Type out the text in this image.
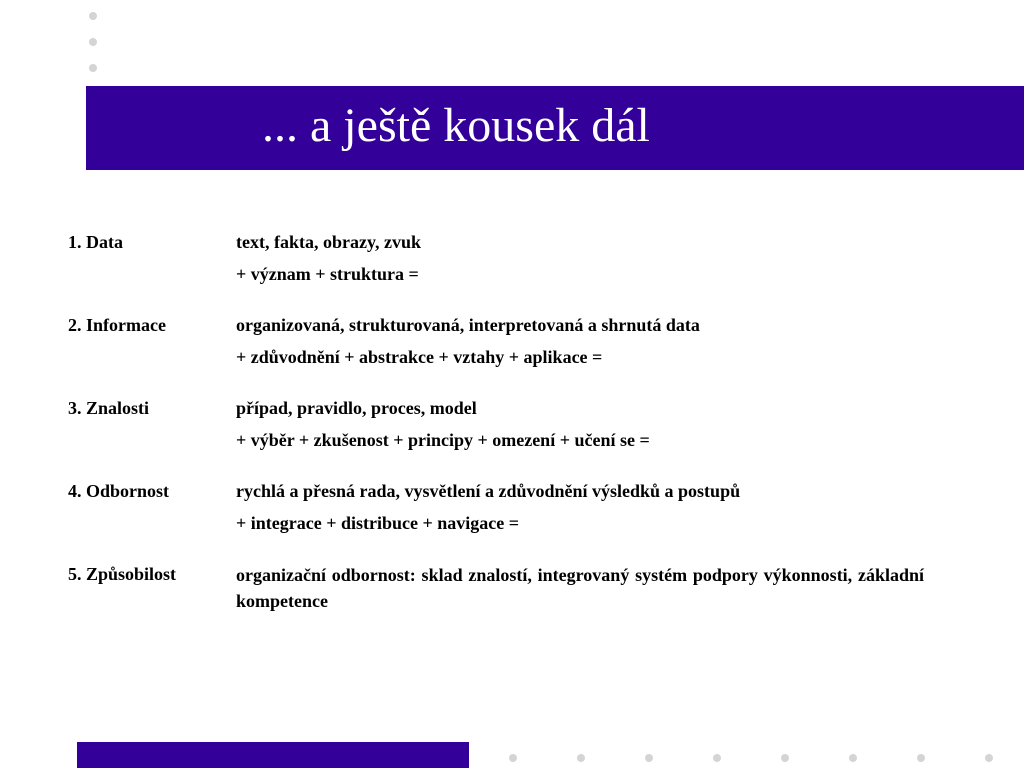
... a ještě kousek dál
1. Data	text, fakta, obrazy, zvuk
+ význam + struktura =
2. Informace	organizovaná, strukturovaná, interpretovaná a shrnutá data
+ zdůvodnění + abstrakce + vztahy + aplikace =
3. Znalosti	případ, pravidlo, proces, model
+ výběr + zkušenost + principy + omezení + učení se =
4. Odbornost	rychlá a přesná rada, vysvětlení a zdůvodnění výsledků a postupů
+ integrace + distribuce + navigace =
5. Způsobilost	organizační odbornost: sklad znalostí, integrovaný systém podpory výkonnosti, základní kompetence
